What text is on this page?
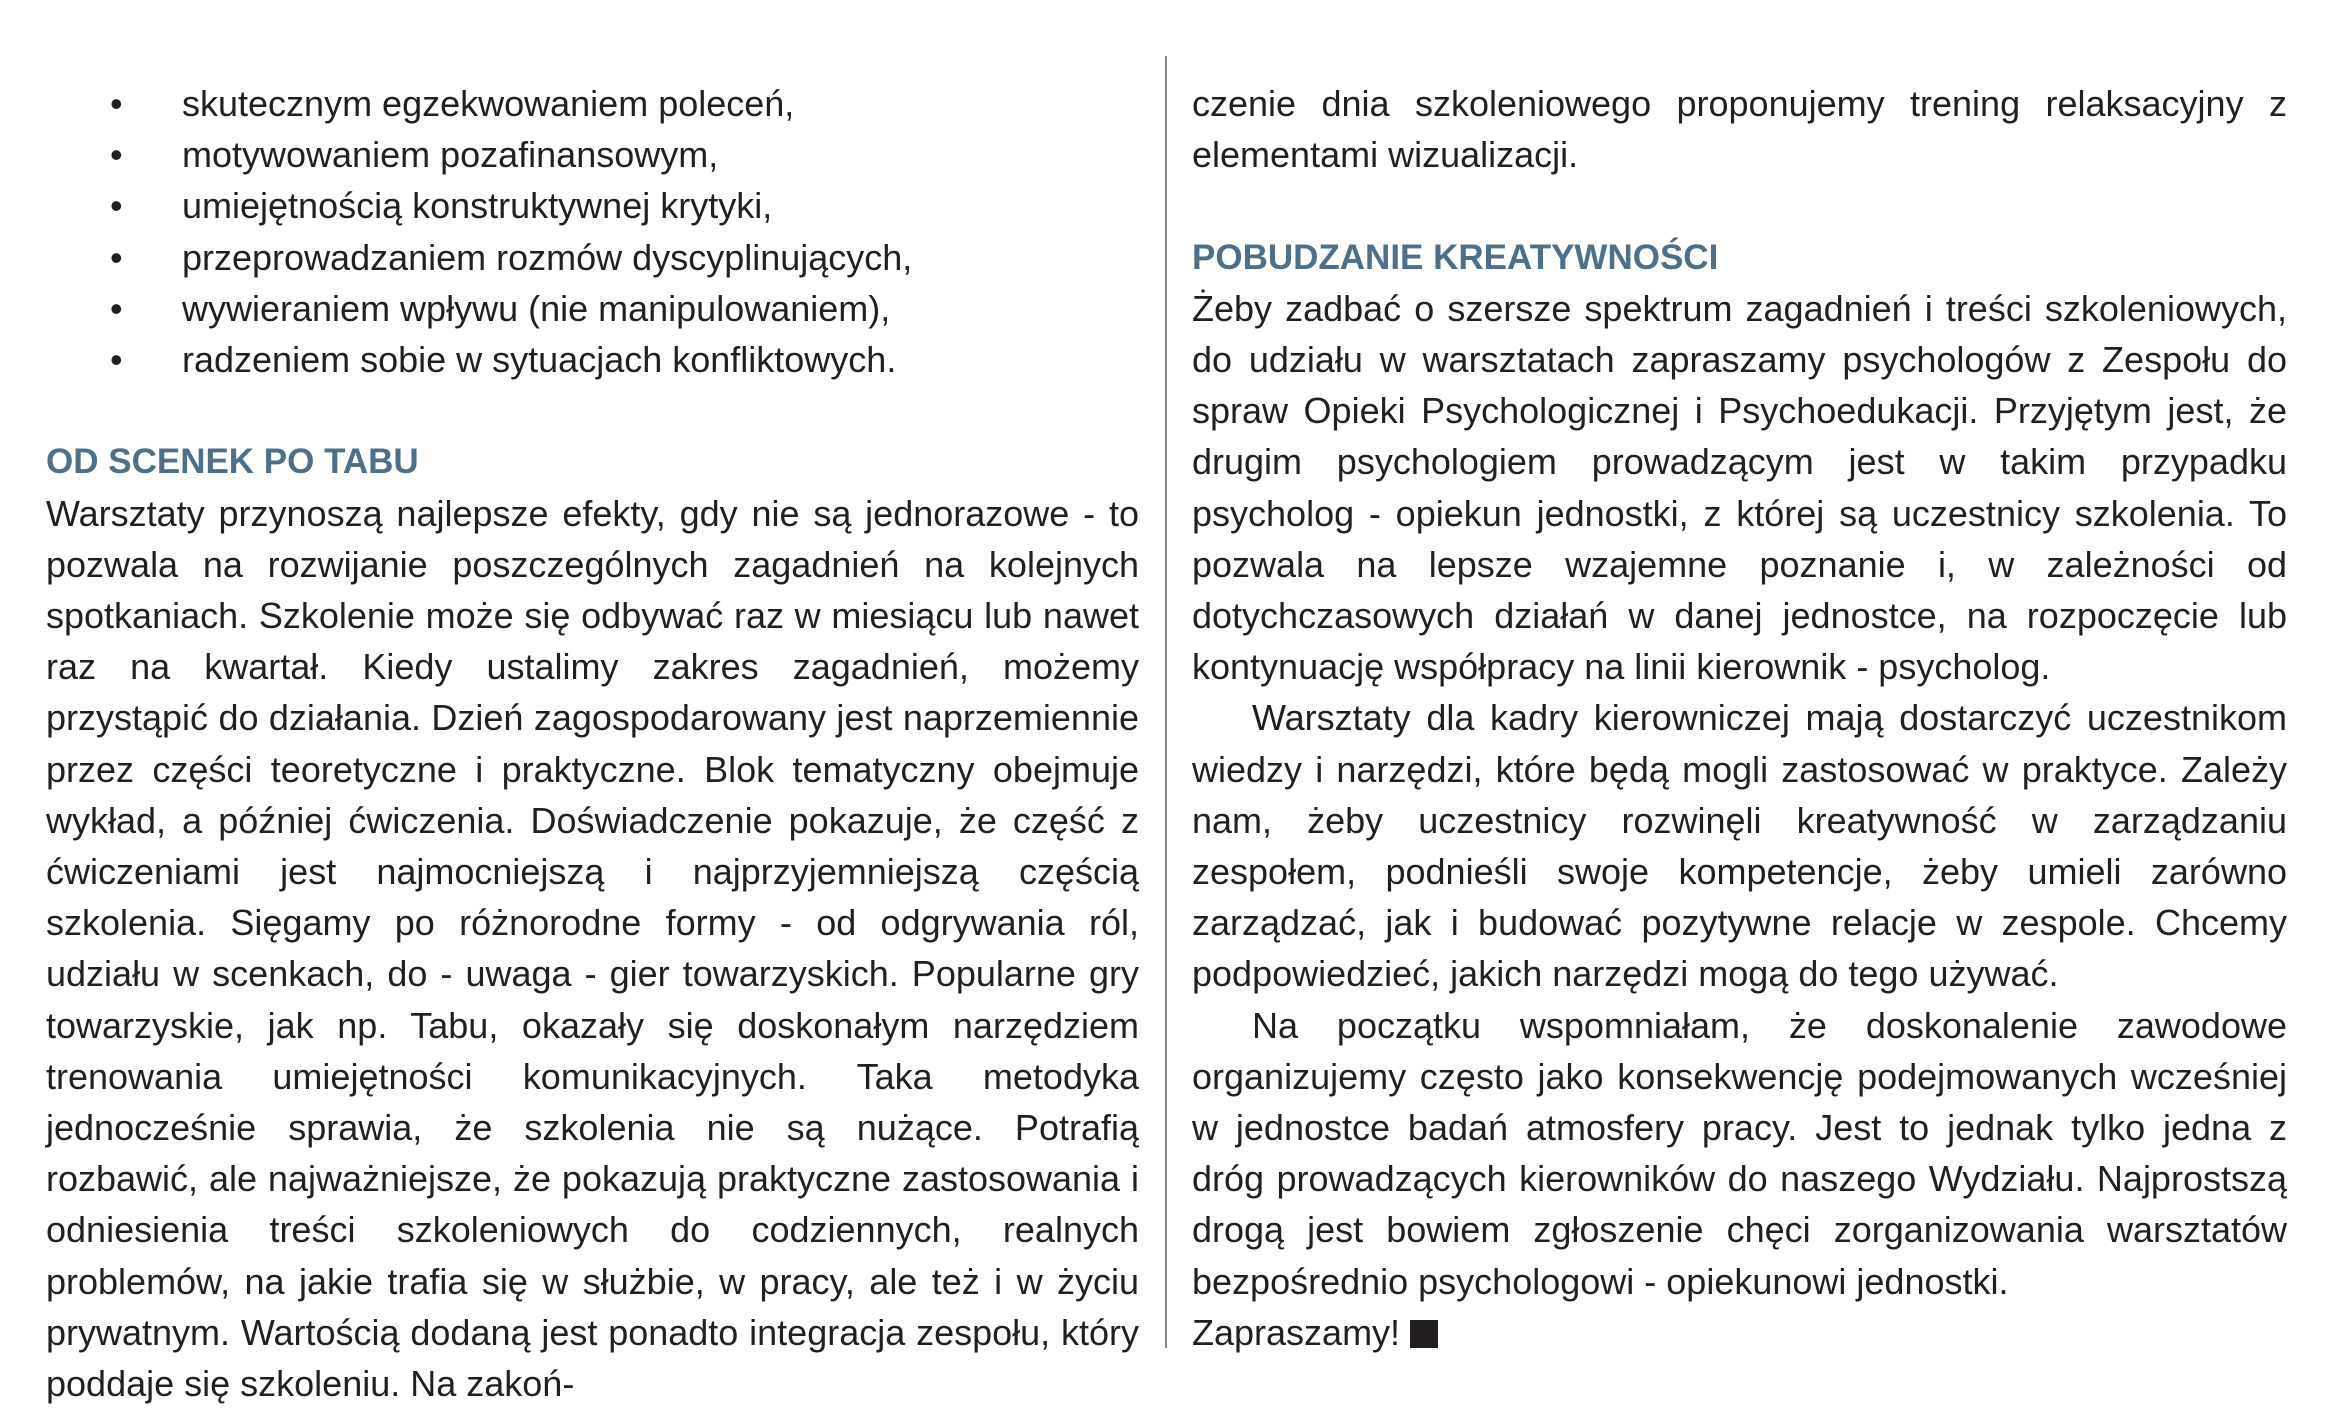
• skutecznym egzekwowaniem poleceń,
• motywowaniem pozafinansowym,
• umiejętnością konstruktywnej krytyki,
• przeprowadzaniem rozmów dyscyplinujących,
• wywieraniem wpływu (nie manipulowaniem),
• radzeniem sobie w sytuacjach konfliktowych.
OD SCENEK PO TABU

Warsztaty przynoszą najlepsze efekty, gdy nie są jednorazowe - to pozwala na rozwijanie poszczególnych zagadnień na kolejnych spotkaniach. Szkolenie może się odbywać raz w miesiącu lub nawet raz na kwartał. Kiedy ustalimy zakres zagadnień, możemy przystąpić do działania. Dzień zagospodarowany jest naprzemiennie przez części teoretyczne i praktyczne. Blok tematyczny obejmuje wykład, a później ćwiczenia. Doświadczenie pokazuje, że część z ćwiczeniami jest najmocniejszą i najprzyjemniejszą częścią szkolenia. Sięgamy po różnorodne formy - od odgrywania ról, udziału w scenkach, do - uwaga - gier towarzyskich. Popularne gry towarzyskie, jak np. Tabu, okazały się doskonałym narzędziem trenowania umiejętności komunikacyjnych. Taka metodyka jednocześnie sprawia, że szkolenia nie są nużące. Potrafią rozbawić, ale najważniejsze, że pokazują praktyczne zastosowania i odniesienia treści szkoleniowych do codziennych, realnych problemów, na jakie trafia się w służbie, w pracy, ale też i w życiu prywatnym. Wartością dodaną jest ponadto integracja zespołu, który poddaje się szkoleniu. Na zakoń-

czenie dnia szkoleniowego proponujemy trening relaksacyjny z elementami wizualizacji.

POBUDZANIE KREATYWNOŚCI

Żeby zadbać o szersze spektrum zagadnień i treści szkoleniowych, do udziału w warsztatach zapraszamy psychologów z Zespołu do spraw Opieki Psychologicznej i Psychoedukacji. Przyjętym jest, że drugim psychologiem prowadzącym jest w takim przypadku psycholog - opiekun jednostki, z której są uczestnicy szkolenia. To pozwala na lepsze wzajemne poznanie i, w zależności od dotychczasowych działań w danej jednostce, na rozpoczęcie lub kontynuację współpracy na linii kierownik - psycholog.

Warsztaty dla kadry kierowniczej mają dostarczyć uczestnikom wiedzy i narzędzi, które będą mogli zastosować w praktyce. Zależy nam, żeby uczestnicy rozwinęli kreatywność w zarządzaniu zespołem, podnieśli swoje kompetencje, żeby umieli zarówno zarządzać, jak i budować pozytywne relacje w zespole. Chcemy podpowiedzieć, jakich narzędzi mogą do tego używać.

Na początku wspomniałam, że doskonalenie zawodowe organizujemy często jako konsekwencję podejmowanych wcześniej w jednostce badań atmosfery pracy. Jest to jednak tylko jedna z dróg prowadzących kierowników do naszego Wydziału. Najprostszą drogą jest bowiem zgłoszenie chęci zorganizowania warsztatów bezpośrednio psychologowi - opiekunowi jednostki.

Zapraszamy!
